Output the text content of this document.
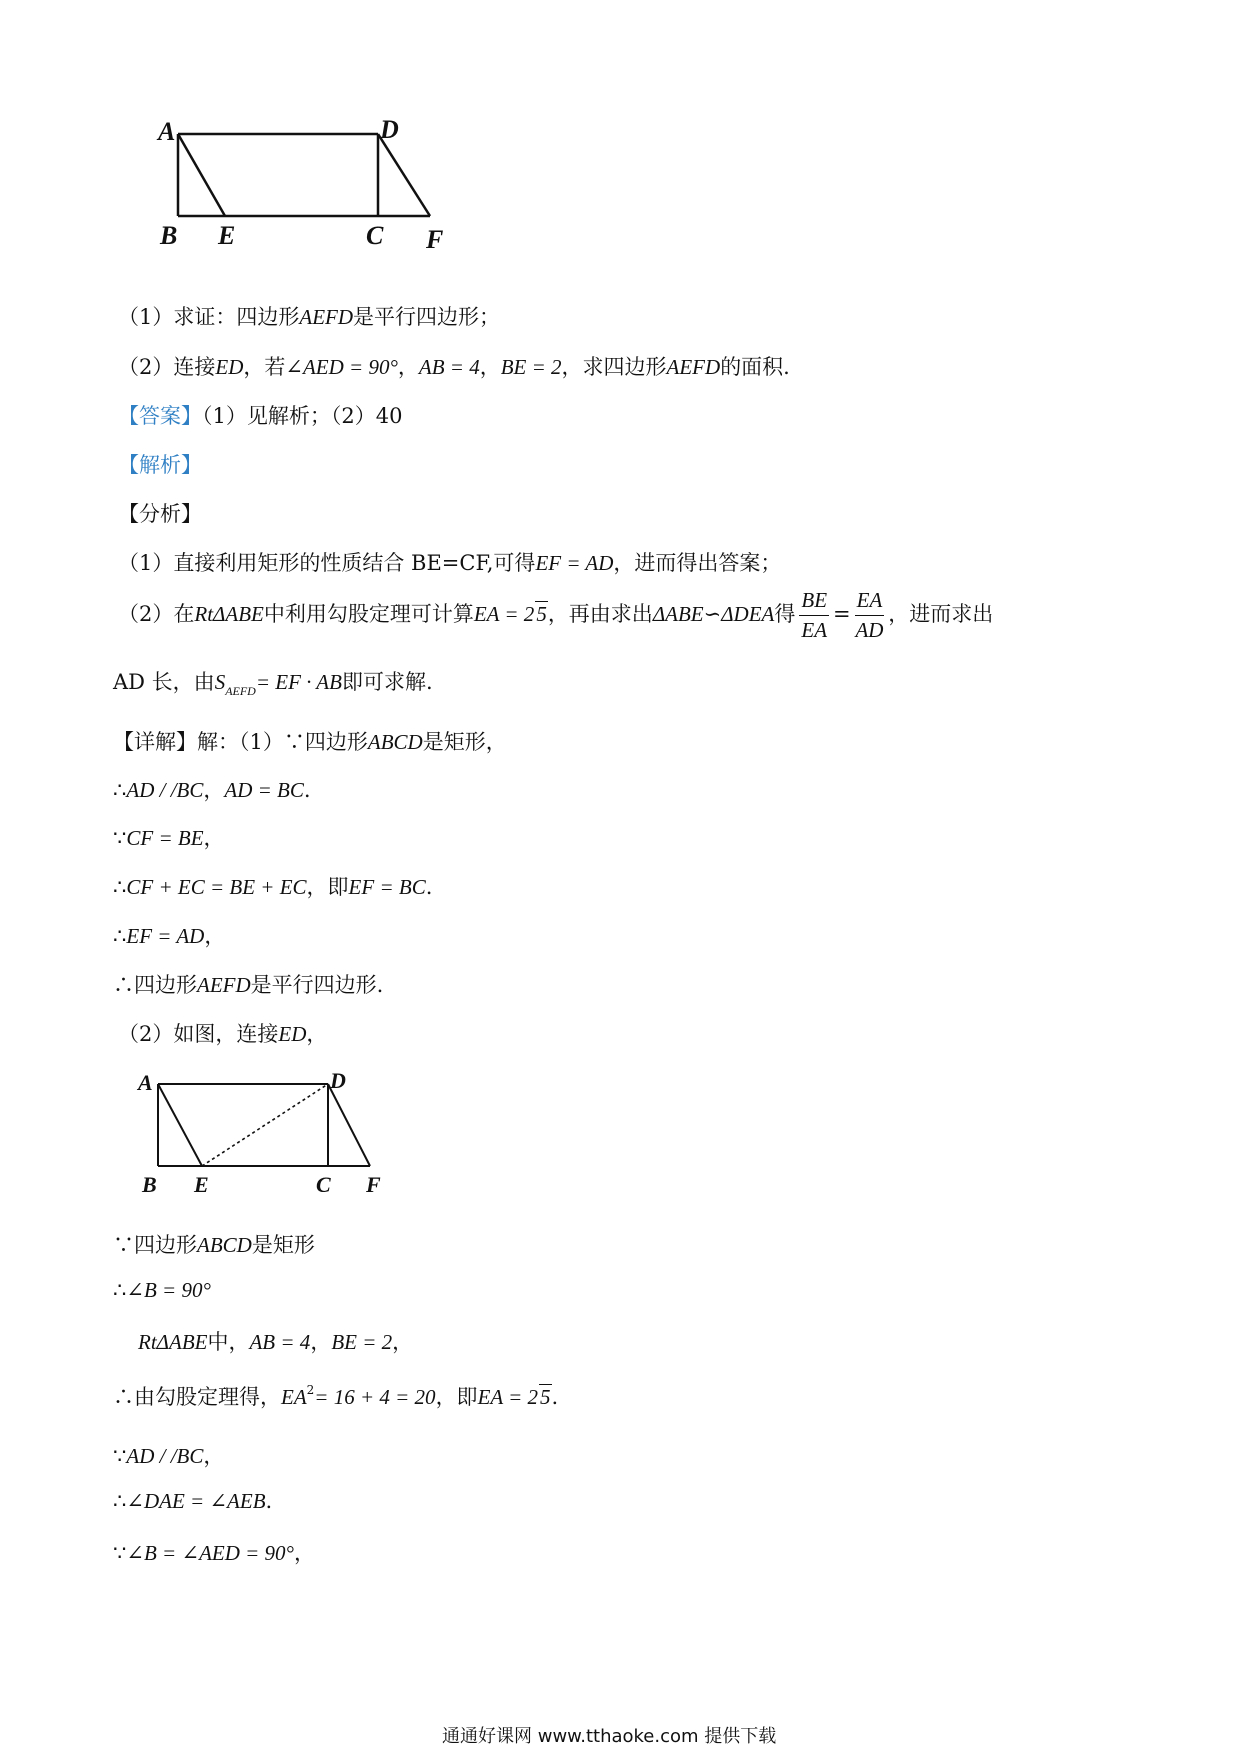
A	D
B E	C F
（1）求证：四边形AEFD是平行四边形；
（2）连接ED，若∠AED = 90°，AB = 4，BE = 2，求四边形AEFD的面积.
【答案】（1）见解析；（2）40
【解析】
【分析】
（1）直接利用矩形的性质结合 BE=CF,可得EF = AD，进而得出答案；
（2）在RtΔABE中利用勾股定理可计算EA = 25，再由求出ΔABE∽ΔDEA得 $\frac{BE}{EA} = \frac{EA}{AD}$ ，进而求出
AD 长，由$S_{AEFD}=$ EF · AB即可求解.
【详解】解：（1）∵四边形ABCD是矩形，
∴AD / /BC，AD = BC.
∵CF = BE，
∴CF + EC = BE + EC，即EF = BC.
∴EF = AD，
∴四边形AEFD是平行四边形.
（2）如图，连接ED，
A	D
B E	C F
∵四边形ABCD是矩形
∴∠B = 90°
RtΔABE中，AB = 4，BE = 2，
∴由勾股定理得，$EA^2= 16 + 4 = 20$，即EA = 25.
∵AD / /BC，
∴∠DAE = ∠AEB.
∵∠B = ∠AED = 90°，
通通好课网 www.tthaoke.com 提供下载
